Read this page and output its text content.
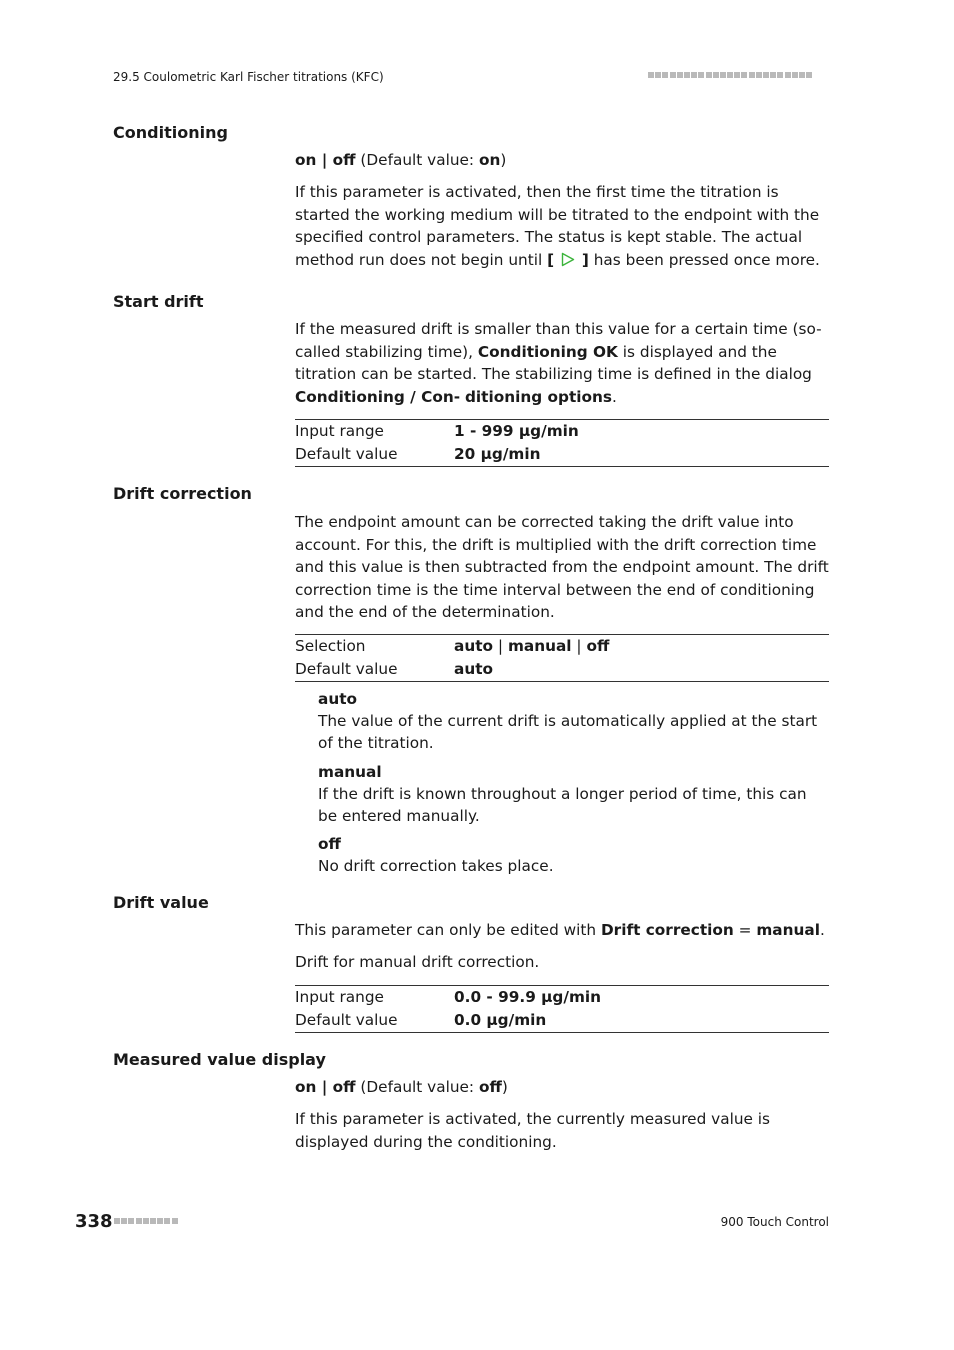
29.5 Coulometric Karl Fischer titrations (KFC)
Conditioning
on | off (Default value: on)
If this parameter is activated, then the first time the titration is started the working medium will be titrated to the endpoint with the specified control parameters. The status is kept stable. The actual method run does not begin until [ ] has been pressed once more.
Start drift
If the measured drift is smaller than this value for a certain time (so-called stabilizing time), Conditioning OK is displayed and the titration can be started. The stabilizing time is defined in the dialog Conditioning / Con- ditioning options.
Input range	1 - 999 µg/min
Default value	20 µg/min
Drift correction
The endpoint amount can be corrected taking the drift value into account. For this, the drift is multiplied with the drift correction time and this value is then subtracted from the endpoint amount. The drift correction time is the time interval between the end of conditioning and the end of the determination.
Selection	auto | manual | off
Default value	auto
auto
The value of the current drift is automatically applied at the start of the titration.
manual
If the drift is known throughout a longer period of time, this can be entered manually.
off
No drift correction takes place.
Drift value
This parameter can only be edited with Drift correction = manual.
Drift for manual drift correction.
Input range	0.0 - 99.9 µg/min
Default value	0.0 µg/min
Measured value display
on | off (Default value: off)
If this parameter is activated, the currently measured value is displayed during the conditioning.
338	900 Touch Control
